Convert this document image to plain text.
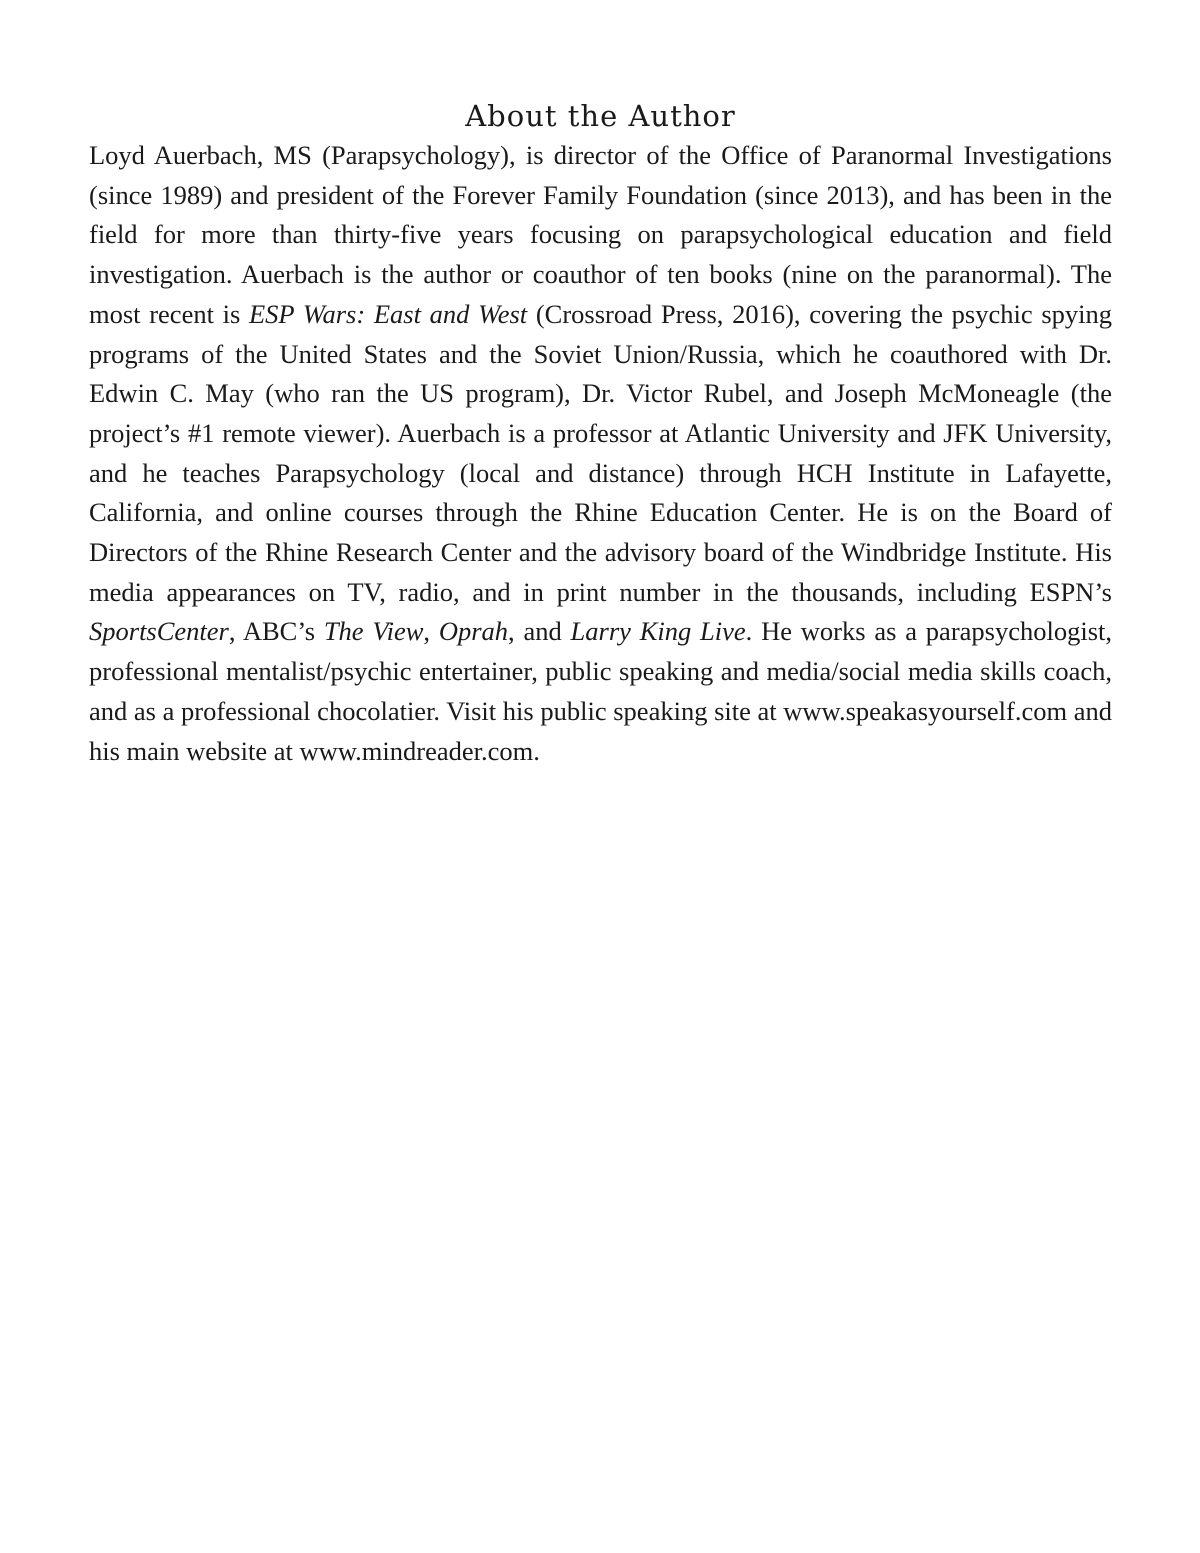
About the Author

Loyd Auerbach, MS (Parapsychology), is director of the Office of Paranormal Investigations (since 1989) and president of the Forever Family Foundation (since 2013), and has been in the field for more than thirty-five years focusing on parapsychological education and field investigation. Auerbach is the author or coauthor of ten books (nine on the paranormal). The most recent is ESP Wars: East and West (Crossroad Press, 2016), covering the psychic spying programs of the United States and the Soviet Union/Russia, which he coauthored with Dr. Edwin C. May (who ran the US program), Dr. Victor Rubel, and Joseph McMoneagle (the project’s #1 remote viewer). Auerbach is a professor at Atlantic University and JFK University, and he teaches Parapsychology (local and distance) through HCH Institute in Lafayette, California, and online courses through the Rhine Education Center. He is on the Board of Directors of the Rhine Research Center and the advisory board of the Windbridge Institute. His media appearances on TV, radio, and in print number in the thousands, including ESPN’s SportsCenter, ABC’s The View, Oprah, and Larry King Live. He works as a parapsychologist, professional mentalist/psychic entertainer, public speaking and media/social media skills coach, and as a professional chocolatier. Visit his public speaking site at www.speakasyourself.com and his main website at www.mindreader.com.
